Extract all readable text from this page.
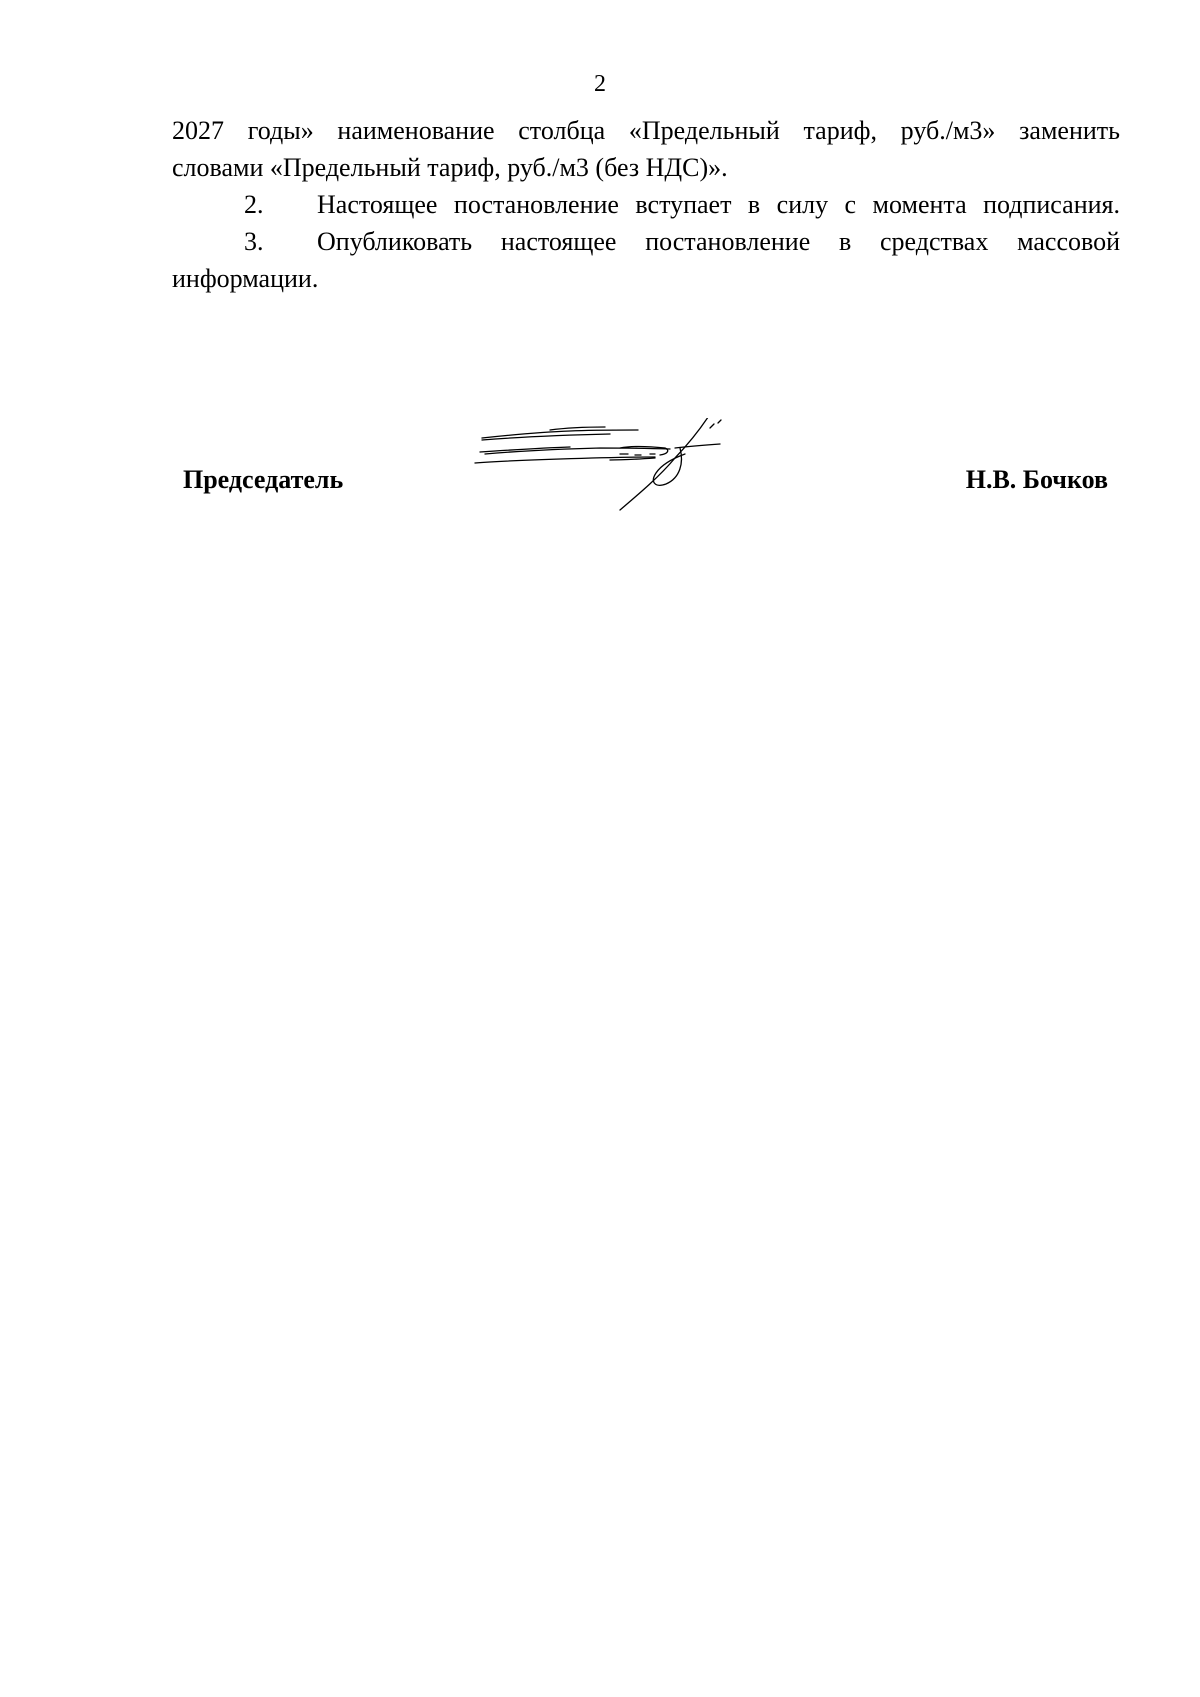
2

2027 годы» наименование столбца «Предельный тариф, руб./м3» заменить

словами «Предельный тариф, руб./м3 (без НДС)».

2.	Настоящее постановление вступает в силу с момента подписания.
3.	Опубликовать настоящее постановление в средствах массовой

информации.

Председатель	Н.В. Бочков
